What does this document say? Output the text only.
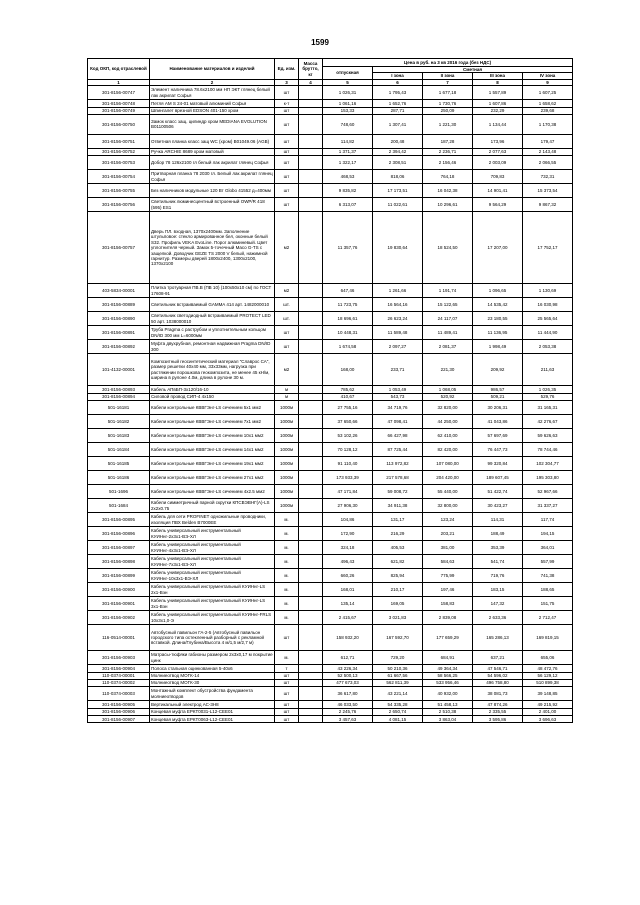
1599
Код ОКП, код отраслевой	Наименование материалов и изделий	Ед. изм.	Масса брутто, кг	Цена в руб. на 3 кв 2016 года (без НДС)				
				отпускная	Сметная			
					I зона	II зона	III зона	IV зона
1	2	3	4	5	6	7	8	9
301-8156-00747	Элемент наличника 78.6х2100 мм НП ЭКТ глянец белый лак акрилат Софья	шт		1 026,31	1 795,43	1 677,18	1 557,89	1 607,25
301-8156-00748	Петля AM S 24-01 матовый алюминий Софья	к-т		1 061,16	1 652,76	1 730,76	1 607,86	1 658,62
301-8156-00749	Шпингалет врезной EDSON 401-150 хром	шт		153,33	287,71	250,09	232,29	239,68
301-8156-00750	Замок класс защ. цилиндр хром MEDIANA EVOLUTION B01100506	шт		748,60	1 307,41	1 221,30	1 134,44	1 170,38
301-8156-00751	Ответная планка класс защ WC (хром) B01049.06 (AGB)	шт		114,82	200,48	187,28	173,96	179,47
301-8156-00752	Ручка ARCHIE 8689 хром матовый	шт		1 371,37	2 394,42	2 236,71	2 077,63	2 143,48
301-8156-00753	Добор 78 126х2100 гл белый лак акрилат глянец Софья	шт		1 322,17	2 308,51	2 156,46	2 003,09	2 066,55
301-8156-00754	Притворная планка 78 2030 гл. Белый лак акрилат глянец Софья	шт		468,53	818,06	764,18	709,83	732,31
301-8156-00755	Без наличников модульные 120 Вт Globo 41552 д=400мм	шт		9 835,82	17 173,51	16 042,38	14 901,41	15 373,54
301-8156-00756	Светильник люминесцентный встроенный OWP/R 418 (595) ES1	шт		6 313,07	11 022,61	10 296,61	9 564,29	9 867,32
301-8156-00757	Дверь ПЛ. входная, 1370х2400мм. Заполнение штульповое: стекло армированное бел, оконные белый S32. Профиль VEKA EvoLine. Порог алюминевый. Цвет уплотнителя черный. Замок 5-точечный Maco G-TS с защелкой. Доводчик GEZE TS 2000 V белый, нажимной гарнитур. Размеры дверей 1800х2400, 1300х2100, 1370х2100	м2		11 357,76	19 830,64	18 524,50	17 207,00	17 752,17
403-5834-00001	Плитка тротуарная ПВ.В (ПВ 10) (100х50х10 см) по ГОСТ 17608-91	м2		647,46	1 261,66	1 191,74	1 096,65	1 130,69
301-8156-00889	Светильник встраиваемый GAMMA 414 арт. 1482000010	шт.		11 723,75	16 564,16	15 122,65	14 535,42	16 030,98
301-8156-00890	Светильник светодиодный встраиваемый PROTECT LED 50 арт. 1038000010	шт.		18 696,61	26 623,24	24 117,07	23 180,55	25 565,64
301-8156-00891	Труба Pragma с раструбом и уплотнительным кольцом DN/ID 300 мм L=6000мм	шт		10 448,31	11 589,48	11 489,41	11 136,95	11 444,90
301-8156-00892	Муфта двухрубная, ремонтная надвижная Pragma DN/ID 300	шт		1 674,58	2 097,27	2 081,37	1 998,49	2 053,38
101-4132-00001	Композитный геосинтетический материал "Славрос СА", размер решетки 40х40 мм, 33х33мм, нагрузка при растяжении порошкова геокомпозита, не менее 45 кН/м, ширина в рулоне 4.0м, длина в рулоне 30 м.	м2		168,00	233,71	221,30	209,92	211,63
301-8156-00893	Кабель АПвБП-3х120/16-10	м		785,62	1 053,49	1 068,05	986,57	1 026,35
301-8156-00894	Силовой провод СИП-4 4х150	м		410,67	543,73	520,92	509,21	529,76
501-16181	Кабели контрольные КВВГЭнг-LS сечением 5х1 мм2	1000м		27 755,16	34 719,76	32 820,00	30 206,31	31 165,31
501-16182	Кабели контрольные КВВГЭнг-LS сечением 7х1 мм2	1000м		37 650,66	47 098,41	44 250,00	41 043,86	42 276,67
501-16183	Кабели контрольные КВВГЭнг-LS сечением 10х1 мм2	1000м		53 102,26	66 427,98	62 410,00	57 697,69	59 626,63
501-16184	Кабели контрольные КВВГЭнг-LS сечением 14х1 мм2	1000м		70 128,12	87 725,44	82 420,00	76 447,73	78 744,46
501-16185	Кабели контрольные КВВГЭнг-LS сечением 19х1 мм2	1000м		91 110,40	113 972,82	107 080,00	99 320,84	102 304,77
501-16186	Кабели контрольные КВВГЭнг-LS сечением 27х1 мм2	1000м		173 933,39	217 578,68	204 420,00	189 607,45	195 303,80
501-1696	Кабели контрольные КВВГЭнг-LS сечением 4х2.5 мм2	1000м		47 171,84	59 008,72	55 440,00	51 422,74	52 967,66
501-1684	Кабели симметричный парной скрутки КПСВЭВНГ(А)-LS 2х2х0.75	1000м		27 906,30	34 911,38	32 800,00	30 423,27	31 337,27
301-8156-00895	Кабель для сети PROFINET одножильные проводники, изоляция ПВХ Belden B7000EE	м.		104,86	131,17	123,24	114,31	117,74
301-8156-00896	Кабель универсальный инструментальный КУИНнг-2х3х1-ВЭ-ХЛ	м.		172,90	216,29	203,21	188,49	194,15
301-8156-00897	Кабель универсальный инструментальный КУИНнг-4х3х1-ВЭ-ХЛ	м.		324,18	405,53	381,00	353,39	364,01
301-8156-00898	Кабель универсальный инструментальный КУИНнг-7х3х1-ВЭ-ХЛ	м.		496,43	621,82	584,63	541,74	557,99
301-8156-00899	Кабель универсальный инструментальный КУИНнг-10х3х1-ВЭ-ХЛ	м.		660,26	825,94	775,99	719,76	741,38
301-8156-00900	Кабель универсальный инструментальный КУИНнг-LS 2х1-Вэн	м.		168,01	210,17	197,46	183,15	188,65
301-8156-00901	Кабель универсальный инструментальный КУИНнг-LS 3х1-Вэн	м.		135,14	169,05	158,83	147,32	151,75
301-8156-00902	Кабель универсальный инструментальный КУИНнг-FRLS 10х3х1,0-Э	м.		2 415,67	3 021,83	2 839,08	2 633,36	2 712,47
116-0514-00001	Автобусный павильон ГА-2-5 (Автобусный павильон городского типа остекленный разборный с рекламной вставкой. Длина/Глубина/Высота 4 м/1,5 м/2,7 м)	шт		158 932,20	167 592,70	177 659,29	165 286,13	169 819,15
301-8156-00903	Матрасы-тюфяки габионы размером 2х3х0,17 м покрытие цинк	м.		612,71	729,20	684,91	637,21	655,06
301-8156-00904	Полоса стальная оцинкованная 5-40х6	т		43 226,34	50 210,36	49 364,34	47 546,71	48 472,76
110-0374-00001	Молниеотвод МОГК-14	шт		52 500,13	61 667,56	58 566,25	54 596,02	56 129,12
110-0374-00002	Молниеотвод МОГК-30	шт		477 673,03	562 811,39	533 956,46	496 758,80	510 899,38
110-0374-00003	Монтажный комплект обустройства фундамента молниеотводов	шт		36 617,80	43 221,14	40 932,00	38 081,73	39 148,85
301-8156-00905	Вертикальный электрод АС-3Н8	шт		46 033,50	54 335,28	51 458,13	47 874,26	49 215,92
301-8156-00906	Концевая муфта ЕРКТ0031-L12-CEE01	шт		2 245,76	2 650,74	2 510,38	2 335,55	2 401,00
301-8156-00907	Концевая муфта ЕРКТ0063-L12-CEE01	шт		3 457,63	4 081,15	3 863,04	3 595,86	3 696,63
